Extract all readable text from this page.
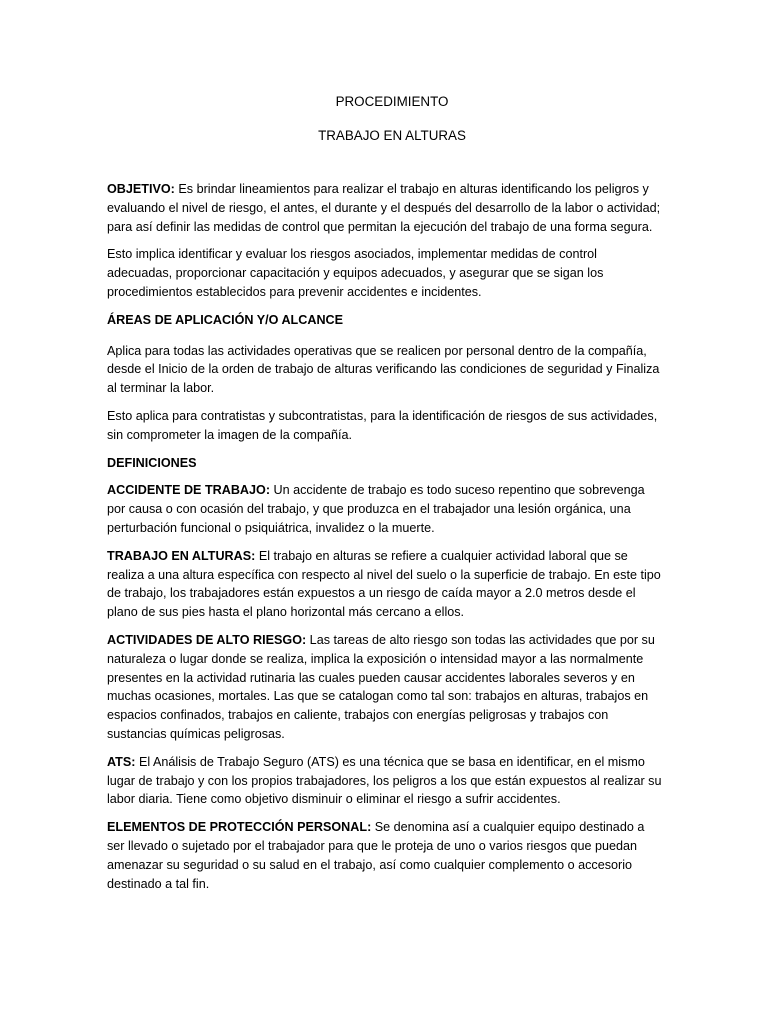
PROCEDIMIENTO

TRABAJO EN ALTURAS

OBJETIVO: Es brindar lineamientos para realizar el trabajo en alturas identificando los peligros y evaluando el nivel de riesgo, el antes, el durante y el después del desarrollo de la labor o actividad; para así definir las medidas de control que permitan la ejecución del trabajo de una forma segura.

Esto implica identificar y evaluar los riesgos asociados, implementar medidas de control adecuadas, proporcionar capacitación y equipos adecuados, y asegurar que se sigan los procedimientos establecidos para prevenir accidentes e incidentes.

ÁREAS DE APLICACIÓN Y/O ALCANCE

Aplica para todas las actividades operativas que se realicen por personal dentro de la compañía, desde el Inicio de la orden de trabajo de alturas verificando las condiciones de seguridad y Finaliza al terminar la labor.

Esto aplica para contratistas y subcontratistas, para la identificación de riesgos de sus actividades, sin comprometer la imagen de la compañía.

DEFINICIONES

ACCIDENTE DE TRABAJO: Un accidente de trabajo es todo suceso repentino que sobrevenga por causa o con ocasión del trabajo, y que produzca en el trabajador una lesión orgánica, una perturbación funcional o psiquiátrica, invalidez o la muerte.

TRABAJO EN ALTURAS: El trabajo en alturas se refiere a cualquier actividad laboral que se realiza a una altura específica con respecto al nivel del suelo o la superficie de trabajo. En este tipo de trabajo, los trabajadores están expuestos a un riesgo de caída mayor a 2.0 metros desde el plano de sus pies hasta el plano horizontal más cercano a ellos.

ACTIVIDADES DE ALTO RIESGO: Las tareas de alto riesgo son todas las actividades que por su naturaleza o lugar donde se realiza, implica la exposición o intensidad mayor a las normalmente presentes en la actividad rutinaria las cuales pueden causar accidentes laborales severos y en muchas ocasiones, mortales. Las que se catalogan como tal son: trabajos en alturas, trabajos en espacios confinados, trabajos en caliente, trabajos con energías peligrosas y trabajos con sustancias químicas peligrosas.

ATS: El Análisis de Trabajo Seguro (ATS) es una técnica que se basa en identificar, en el mismo lugar de trabajo y con los propios trabajadores, los peligros a los que están expuestos al realizar su labor diaria. Tiene como objetivo disminuir o eliminar el riesgo a sufrir accidentes.

ELEMENTOS DE PROTECCIÓN PERSONAL: Se denomina así a cualquier equipo destinado a ser llevado o sujetado por el trabajador para que le proteja de uno o varios riesgos que puedan amenazar su seguridad o su salud en el trabajo, así como cualquier complemento o accesorio destinado a tal fin.
